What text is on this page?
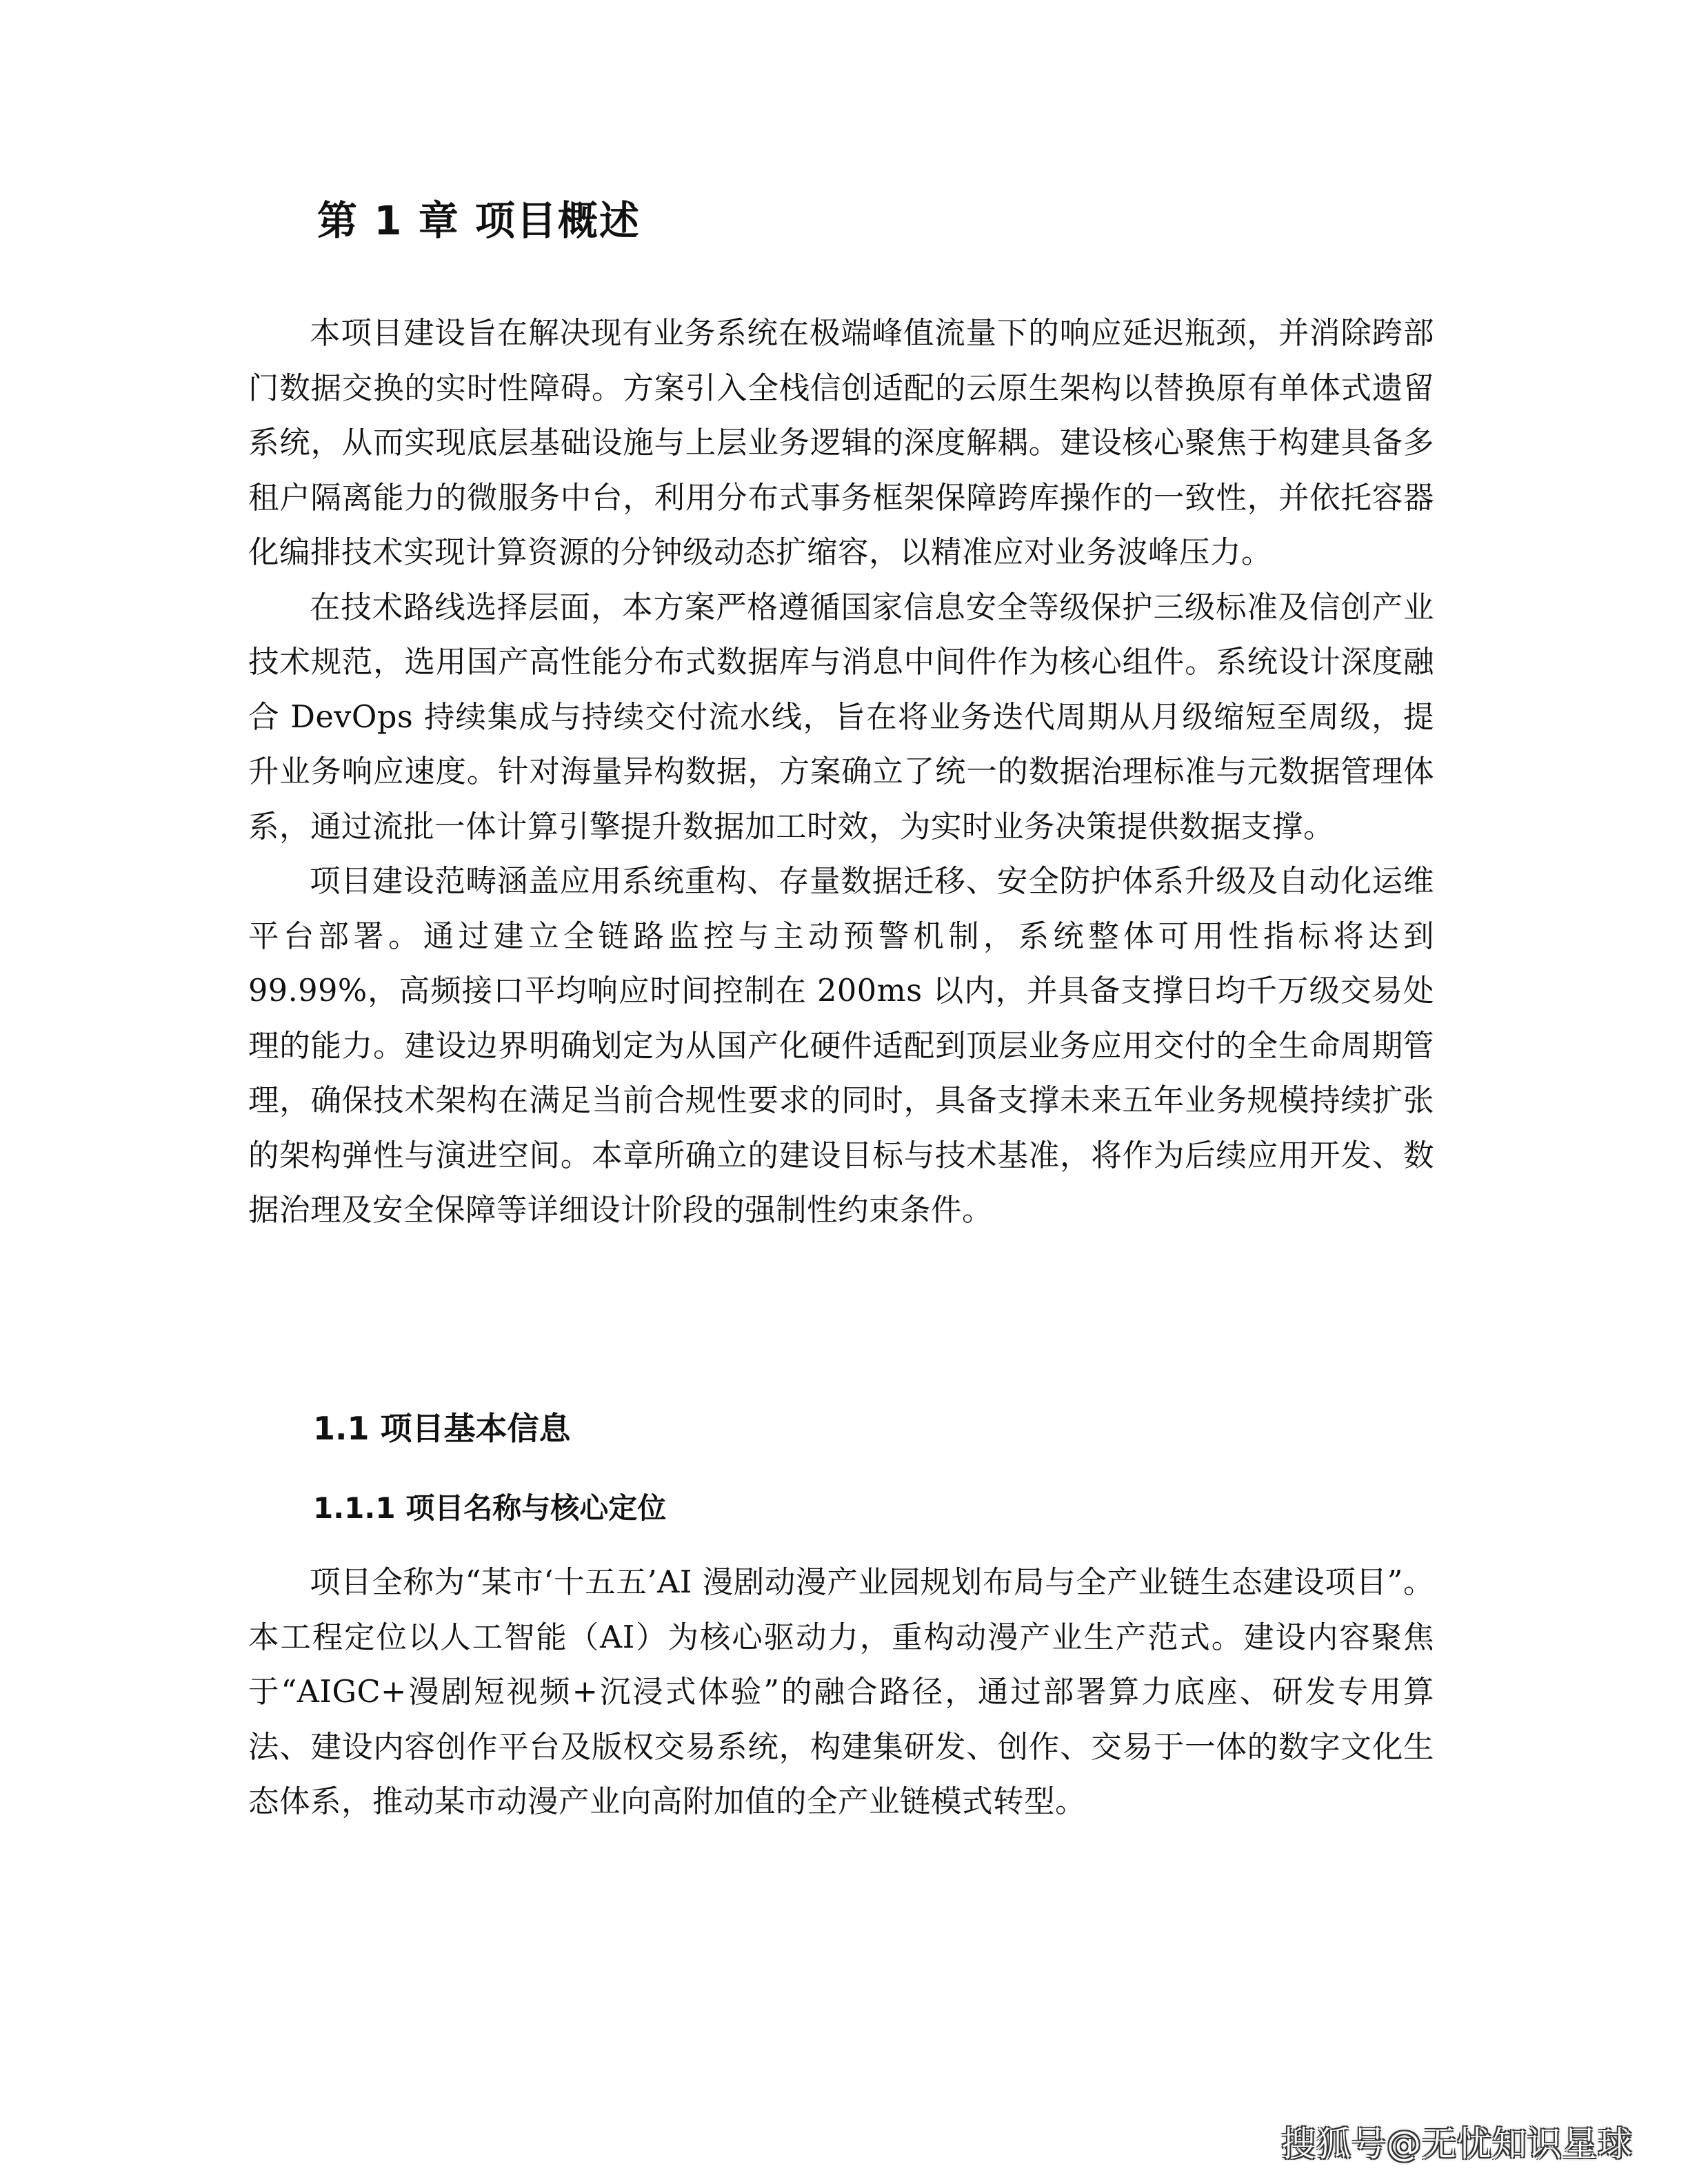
第 1 章 项目概述

本项目建设旨在解决现有业务系统在极端峰值流量下的响应延迟瓶颈，并消除跨部门数据交换的实时性障碍。方案引入全栈信创适配的云原生架构以替换原有单体式遗留系统，从而实现底层基础设施与上层业务逻辑的深度解耦。建设核心聚焦于构建具备多租户隔离能力的微服务中台，利用分布式事务框架保障跨库操作的一致性，并依托容器化编排技术实现计算资源的分钟级动态扩缩容，以精准应对业务波峰压力。

在技术路线选择层面，本方案严格遵循国家信息安全等级保护三级标准及信创产业技术规范，选用国产高性能分布式数据库与消息中间件作为核心组件。系统设计深度融合 DevOps 持续集成与持续交付流水线，旨在将业务迭代周期从月级缩短至周级，提升业务响应速度。针对海量异构数据，方案确立了统一的数据治理标准与元数据管理体系，通过流批一体计算引擎提升数据加工时效，为实时业务决策提供数据支撑。

项目建设范畴涵盖应用系统重构、存量数据迁移、安全防护体系升级及自动化运维平台部署。通过建立全链路监控与主动预警机制，系统整体可用性指标将达到 99.99%，高频接口平均响应时间控制在 200ms 以内，并具备支撑日均千万级交易处理的能力。建设边界明确划定为从国产化硬件适配到顶层业务应用交付的全生命周期管理，确保技术架构在满足当前合规性要求的同时，具备支撑未来五年业务规模持续扩张的架构弹性与演进空间。本章所确立的建设目标与技术基准，将作为后续应用开发、数据治理及安全保障等详细设计阶段的强制性约束条件。

1.1 项目基本信息
1.1.1 项目名称与核心定位

项目全称为“某市‘十五五’AI 漫剧动漫产业园规划布局与全产业链生态建设项目”。本工程定位以人工智能（AI）为核心驱动力，重构动漫产业生产范式。建设内容聚焦于“AIGC+漫剧短视频+沉浸式体验”的融合路径，通过部署算力底座、研发专用算法、建设内容创作平台及版权交易系统，构建集研发、创作、交易于一体的数字文化生态体系，推动某市动漫产业向高附加值的全产业链模式转型。

搜狐号@无忧知识星球
